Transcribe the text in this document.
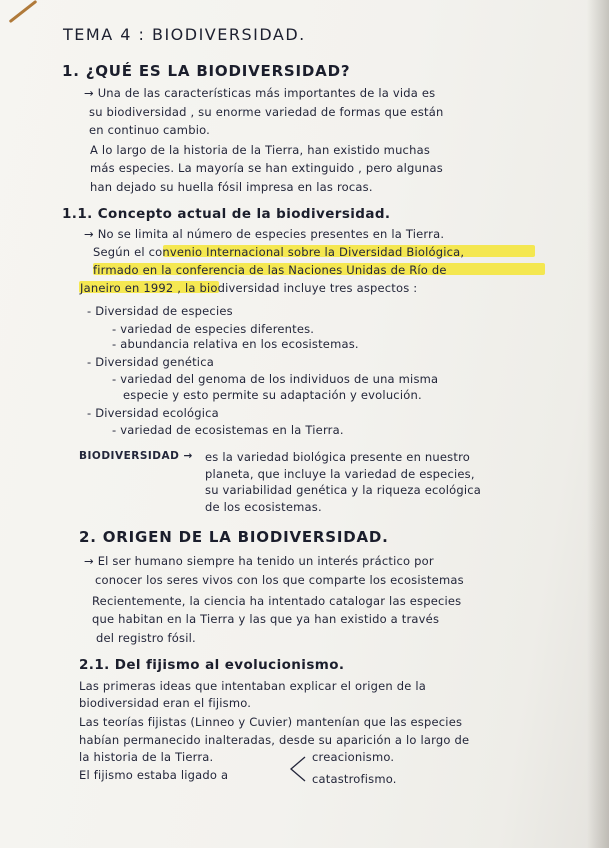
TEMA 4 : BIODIVERSIDAD.
1. ¿QUÉ ES LA BIODIVERSIDAD?
→ Una de las características más importantes de la vida es
su biodiversidad , su enorme variedad de formas que están
en continuo cambio.
A lo largo de la historia de la Tierra, han existido muchas
más especies. La mayoría se han extinguido , pero algunas
han dejado su huella fósil impresa en las rocas.
1.1. Concepto actual de la biodiversidad.
→ No se limita al número de especies presentes en la Tierra.
Según el convenio Internacional sobre la Diversidad Biológica,
firmado en la conferencia de las Naciones Unidas de Río de
Janeiro en 1992 , la biodiversidad incluye tres aspectos :
- Diversidad de especies
- variedad de especies diferentes.
- abundancia relativa en los ecosistemas.
- Diversidad genética
- variedad del genoma de los individuos de una misma
especie y esto permite su adaptación y evolución.
- Diversidad ecológica
- variedad de ecosistemas en la Tierra.
BIODIVERSIDAD → es la variedad biológica presente en nuestro
planeta, que incluye la variedad de especies,
su variabilidad genética y la riqueza ecológica
de los ecosistemas.
2. ORIGEN DE LA BIODIVERSIDAD.
→ El ser humano siempre ha tenido un interés práctico por
conocer los seres vivos con los que comparte los ecosistemas
Recientemente, la ciencia ha intentado catalogar las especies
que habitan en la Tierra y las que ya han existido a través
del registro fósil.
2.1. Del fijismo al evolucionismo.
Las primeras ideas que intentaban explicar el origen de la
biodiversidad eran el fijismo.
Las teorías fijistas (Linneo y Cuvier) mantenían que las especies
habían permanecido inalteradas, desde su aparición a lo largo de
la historia de la Tierra.
El fijismo estaba ligado a
creacionismo.
catastrofismo.
